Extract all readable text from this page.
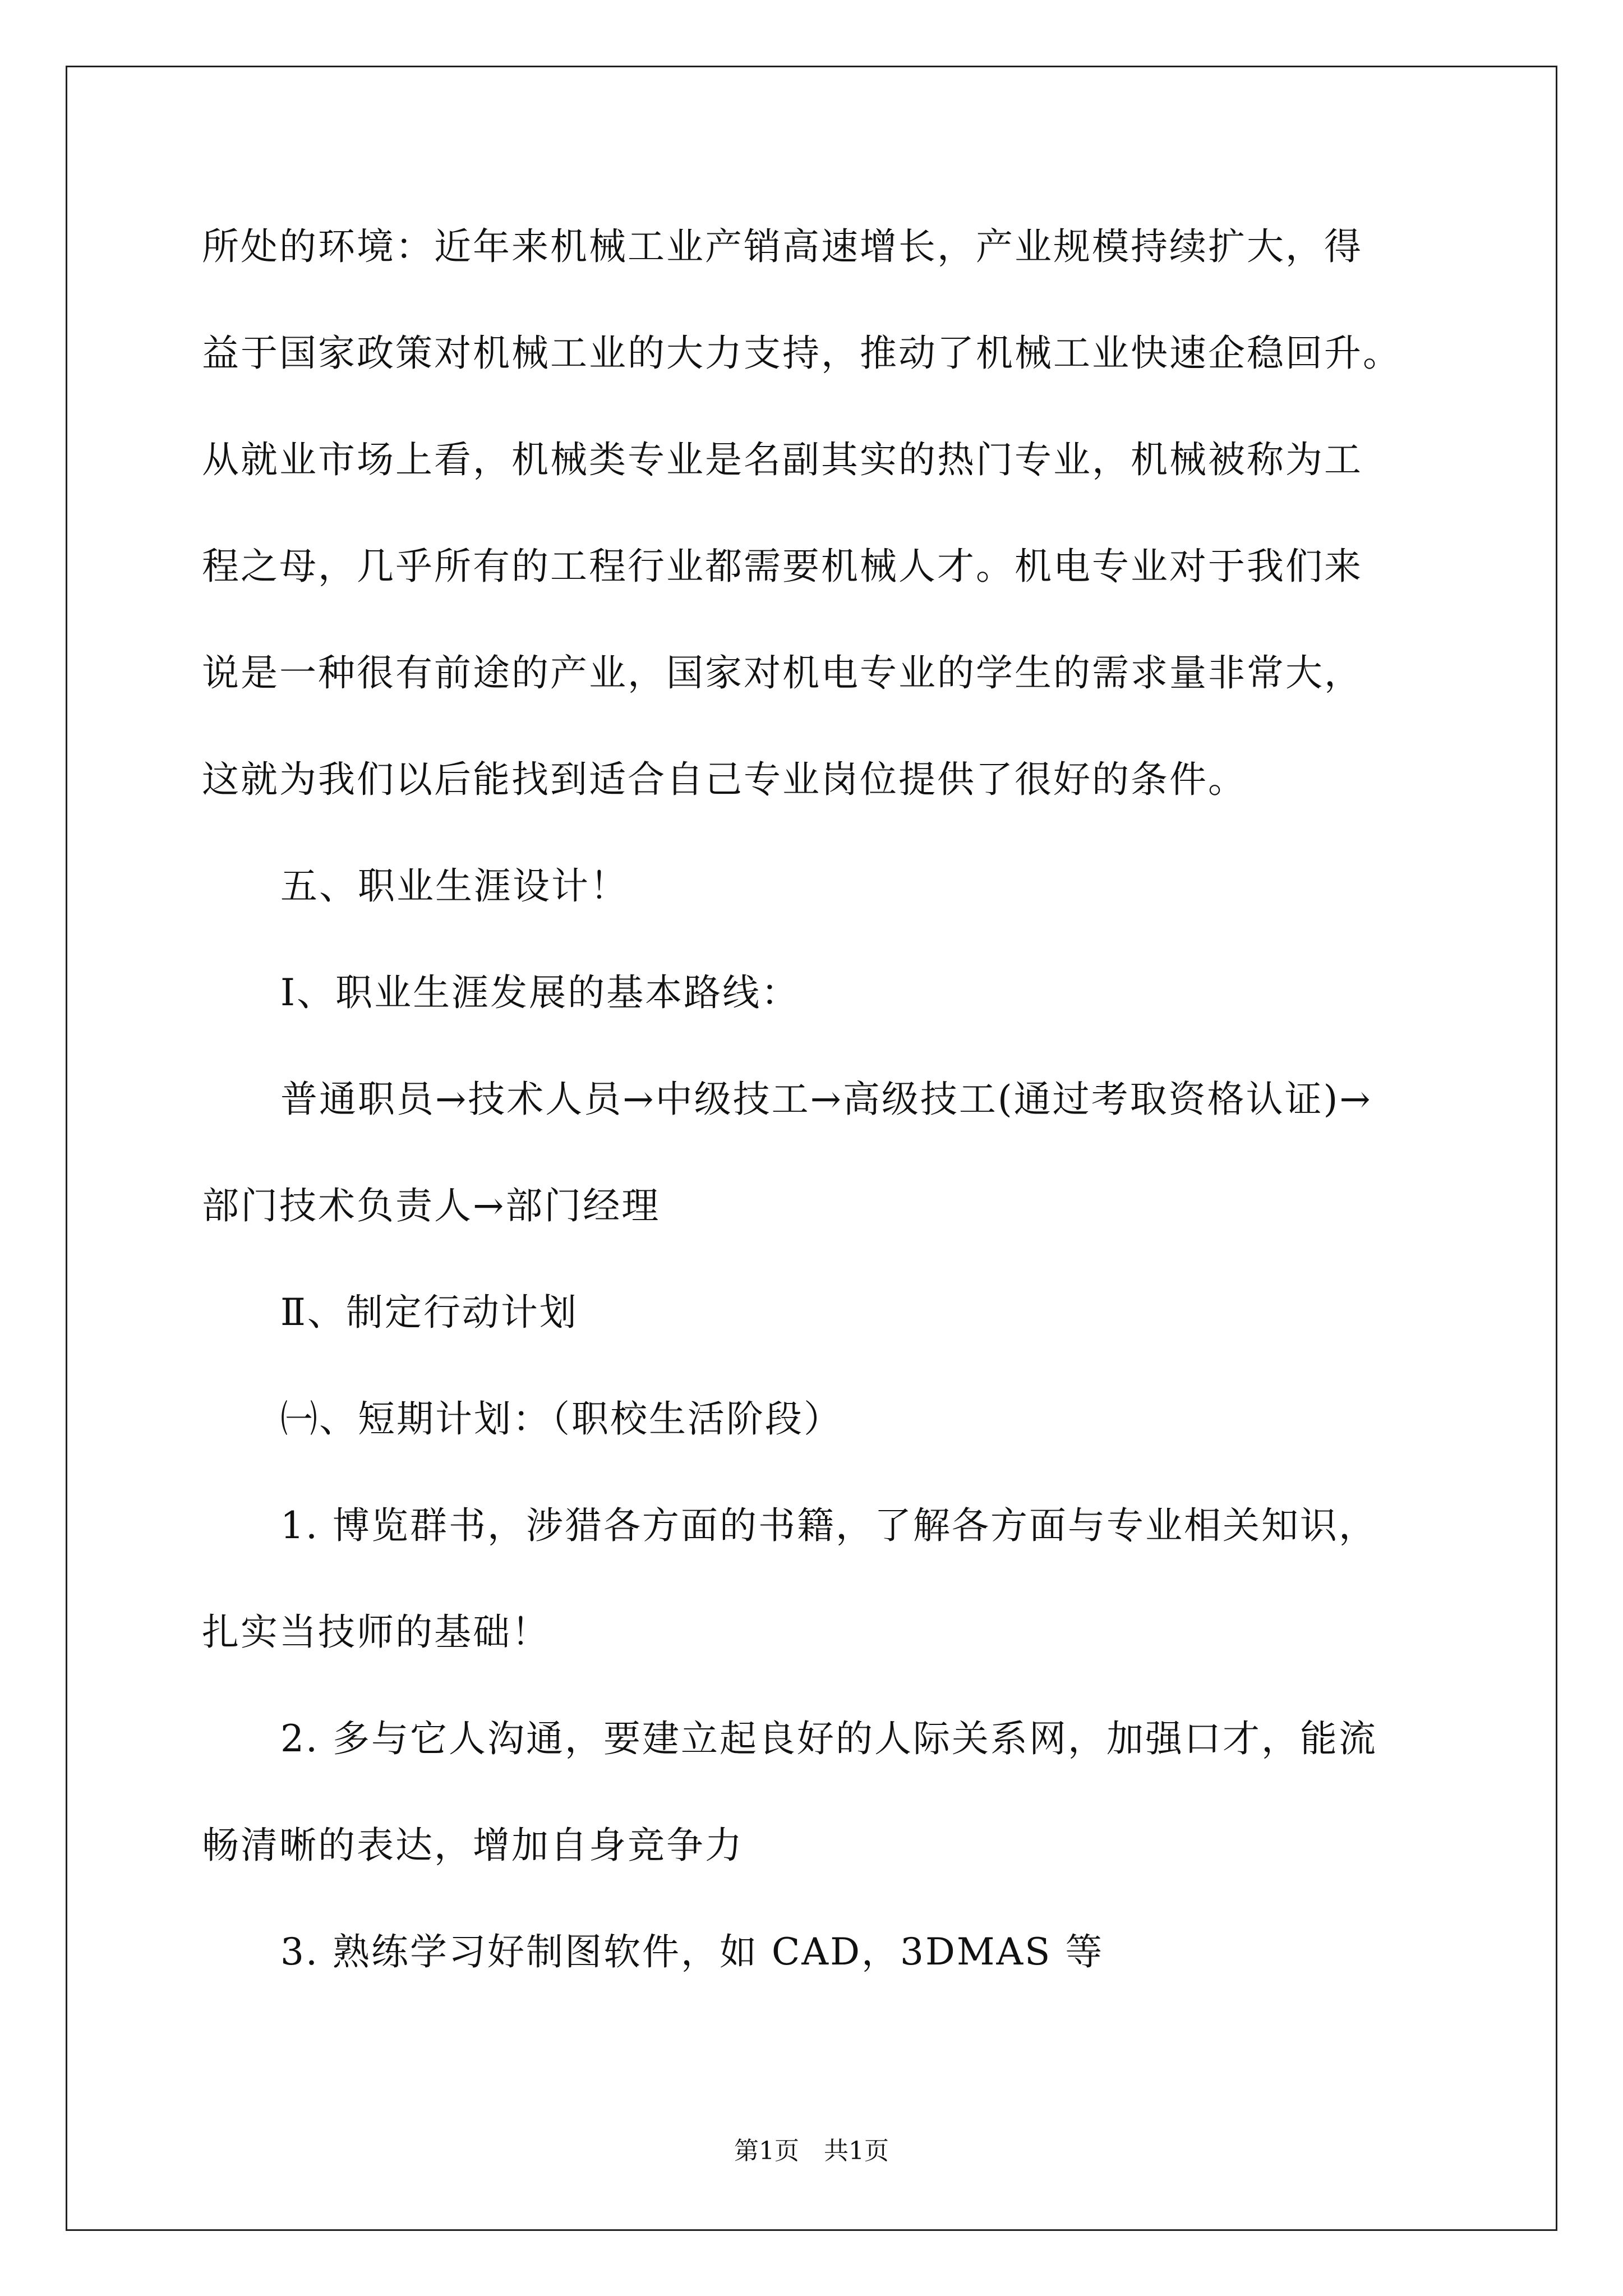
所处的环境：近年来机械工业产销高速增长，产业规模持续扩大，得
益于国家政策对机械工业的大力支持，推动了机械工业快速企稳回升。
从就业市场上看，机械类专业是名副其实的热门专业，机械被称为工
程之母，几乎所有的工程行业都需要机械人才。机电专业对于我们来
说是一种很有前途的产业，国家对机电专业的学生的需求量非常大，
这就为我们以后能找到适合自己专业岗位提供了很好的条件。
五、职业生涯设计！
Ⅰ、职业生涯发展的基本路线：
普通职员→技术人员→中级技工→高级技工(通过考取资格认证)→
部门技术负责人→部门经理
Ⅱ、制定行动计划
㈠、短期计划：（职校生活阶段）
1. 博览群书，涉猎各方面的书籍，了解各方面与专业相关知识，
扎实当技师的基础！
2. 多与它人沟通，要建立起良好的人际关系网，加强口才，能流
畅清晰的表达，增加自身竞争力
3. 熟练学习好制图软件，如 CAD，3DMAS 等
第1页　共1页
